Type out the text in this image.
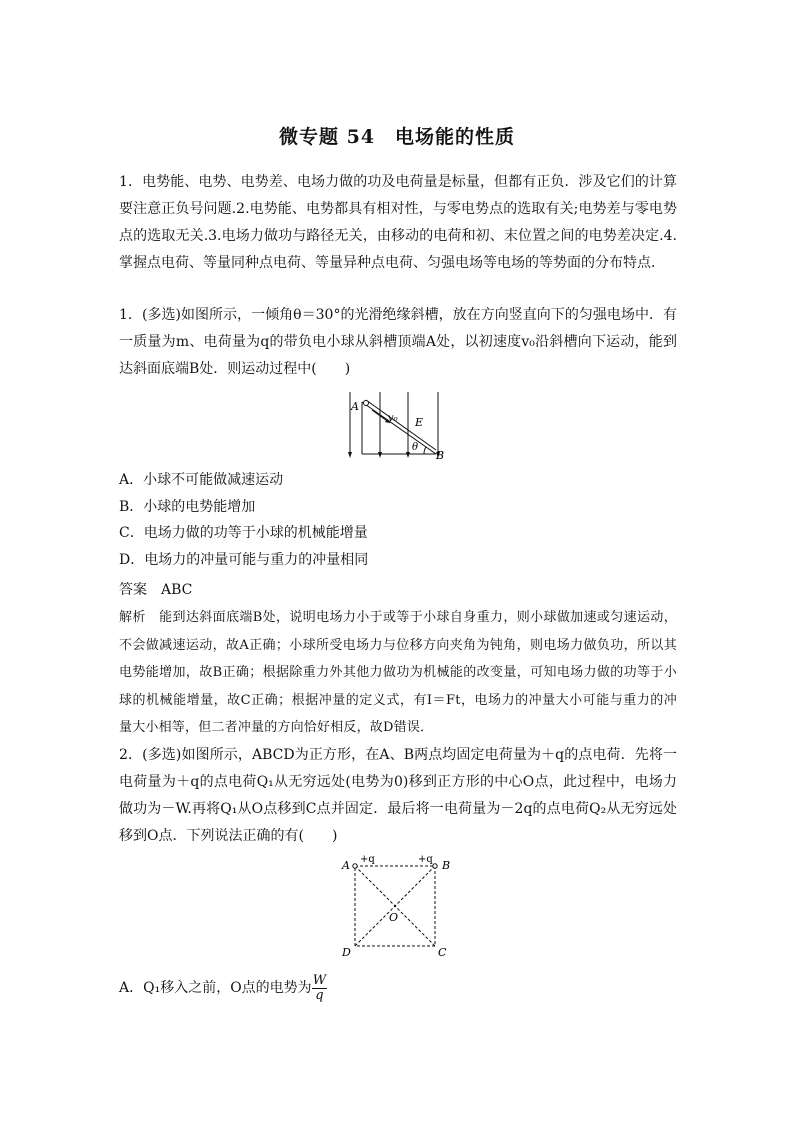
微专题 54　电场能的性质
1．电势能、电势、电势差、电场力做的功及电荷量是标量，但都有正负．涉及它们的计算要注意正负号问题.2.电势能、电势都具有相对性，与零电势点的选取有关;电势差与零电势点的选取无关.3.电场力做功与路径无关，由移动的电荷和初、末位置之间的电势差决定.4.掌握点电荷、等量同种点电荷、等量异种点电荷、匀强电场等电场的等势面的分布特点．
1．(多选)如图所示，一倾角θ＝30°的光滑绝缘斜槽，放在方向竖直向下的匀强电场中．有一质量为m、电荷量为q的带负电小球从斜槽顶端A处，以初速度v₀沿斜槽向下运动，能到达斜面底端B处．则运动过程中(　　)
A
B
v₀ E
θ
A．小球不可能做减速运动
B．小球的电势能增加
C．电场力做的功等于小球的机械能增量
D．电场力的冲量可能与重力的冲量相同
答案　ABC
解析　能到达斜面底端B处，说明电场力小于或等于小球自身重力，则小球做加速或匀速运动，不会做减速运动，故A正确；小球所受电场力与位移方向夹角为钝角，则电场力做负功，所以其电势能增加，故B正确；根据除重力外其他力做功为机械能的改变量，可知电场力做的功等于小球的机械能增量，故C正确；根据冲量的定义式，有I＝Ft，电场力的冲量大小可能与重力的冲量大小相等，但二者冲量的方向恰好相反，故D错误．
2．(多选)如图所示，ABCD为正方形，在A、B两点均固定电荷量为＋q的点电荷．先将一电荷量为＋q的点电荷Q₁从无穷远处(电势为0)移到正方形的中心O点，此过程中，电场力做功为－W.再将Q₁从O点移到C点并固定．最后将一电荷量为－2q的点电荷Q₂从无穷远处移到O点．下列说法正确的有(　　)
A	B
C
D
O
+q	+q
A．Q₁移入之前，O点的电势为 $\frac{W}{q}$
